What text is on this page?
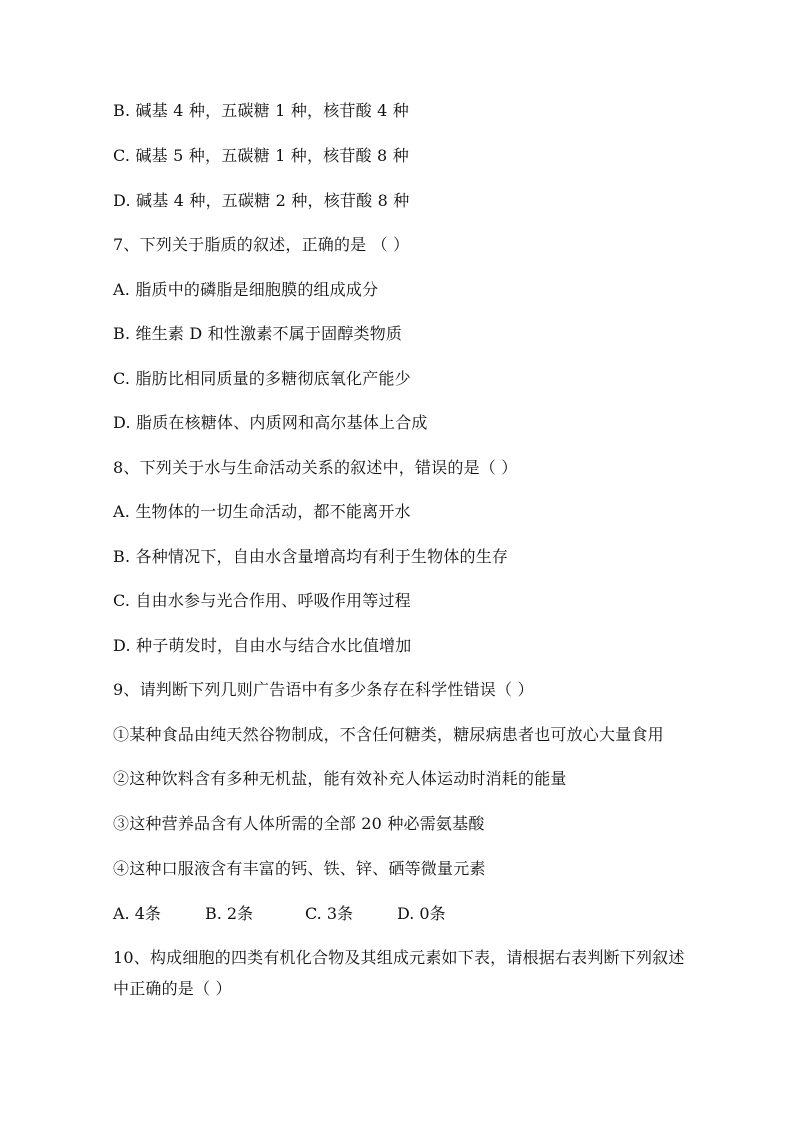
B. 碱基 4 种，五碳糖 1 种，核苷酸 4 种
C. 碱基 5 种，五碳糖 1 种，核苷酸 8 种
D. 碱基 4 种，五碳糖 2 种，核苷酸 8 种
7、下列关于脂质的叙述，正确的是 （ ）
A. 脂质中的磷脂是细胞膜的组成成分
B. 维生素 D 和性激素不属于固醇类物质
C. 脂肪比相同质量的多糖彻底氧化产能少
D. 脂质在核糖体、内质网和高尔基体上合成
8、下列关于水与生命活动关系的叙述中，错误的是（ ）
A. 生物体的一切生命活动，都不能离开水
B. 各种情况下，自由水含量增高均有利于生物体的生存
C. 自由水参与光合作用、呼吸作用等过程
D. 种子萌发时，自由水与结合水比值增加
9、请判断下列几则广告语中有多少条存在科学性错误（ ）
①某种食品由纯天然谷物制成，不含任何糖类，糖尿病患者也可放心大量食用
②这种饮料含有多种无机盐，能有效补充人体运动时消耗的能量
③这种营养品含有人体所需的全部 20 种必需氨基酸
④这种口服液含有丰富的钙、铁、锌、硒等微量元素
A. 4条	B. 2条	C. 3条	D. 0条
10、构成细胞的四类有机化合物及其组成元素如下表，请根据右表判断下列叙述
中正确的是（ ）
